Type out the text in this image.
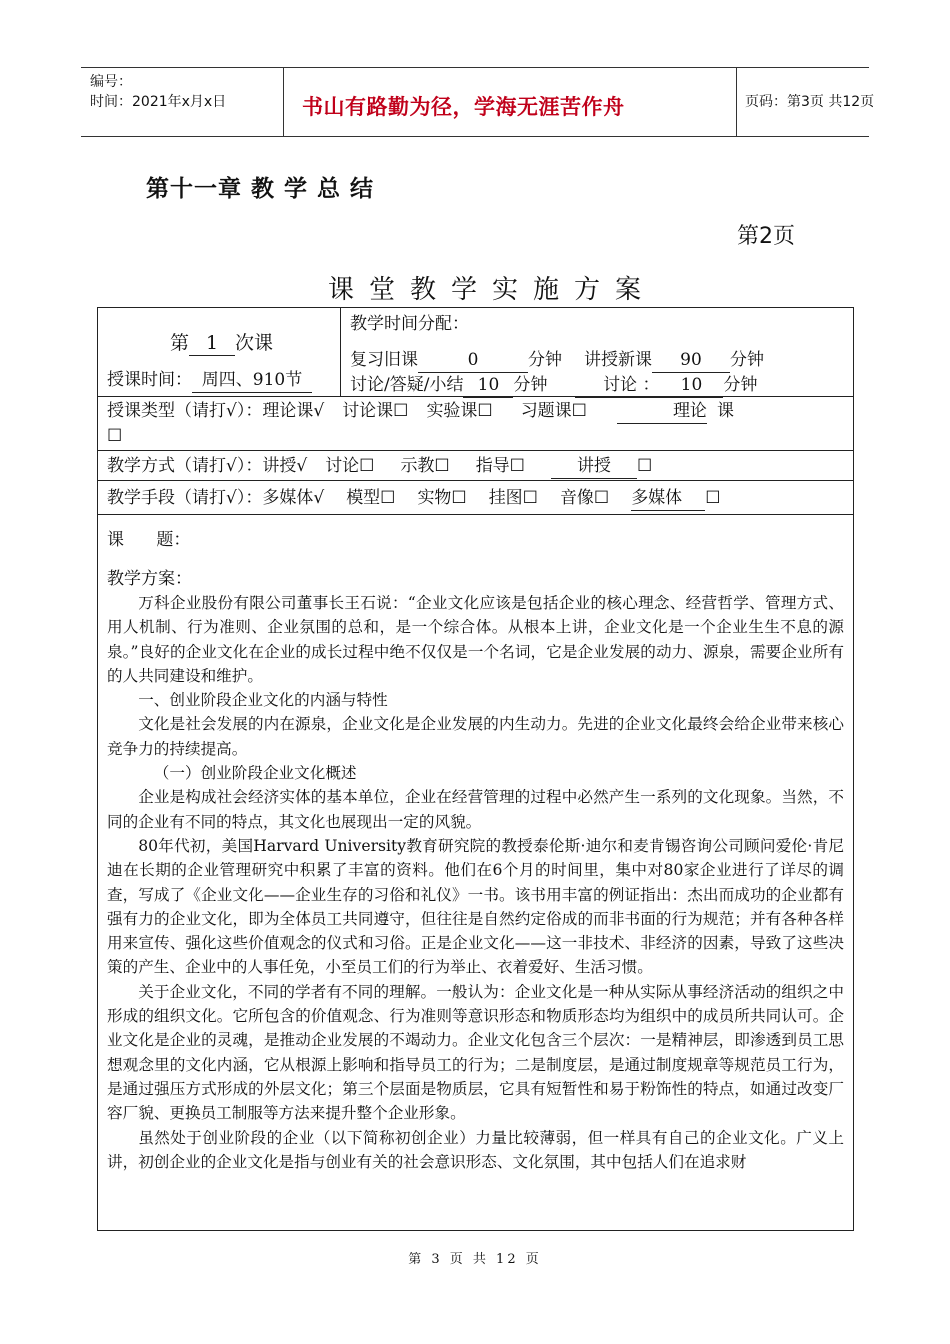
编号：
时间：2021年x月x日	书山有路勤为径，学海无涯苦作舟	页码：第3页 共12页
第十一章 教 学 总 结
第2页
课堂教学实施方案
第 1 次课
授课时间： 周四、910节
教学时间分配：
复习旧课	0	分钟 讲授新课 90 分钟
讨论/答疑/小结 10 分钟	讨论 ： 10 分钟
授课类型（请打√）：理论课√ 讨论课☐ 实验课☐ 习题课☐	理论 课
☐
教学方式（请打√）：讲授√ 讨论☐ 示教☐ 指导☐	讲授 ☐
教学手段（请打√）：多媒体√ 模型☐ 实物☐ 挂图☐ 音像☐ 多媒体 ☐
课      题：
教学方案：

万科企业股份有限公司董事长王石说：“企业文化应该是包括企业的核心理念、经营哲学、管理方式、用人机制、行为准则、企业氛围的总和，是一个综合体。从根本上讲，企业文化是一个企业生生不息的源泉。”良好的企业文化在企业的成长过程中绝不仅仅是一个名词，它是企业发展的动力、源泉，需要企业所有的人共同建设和维护。

一、创业阶段企业文化的内涵与特性

文化是社会发展的内在源泉，企业文化是企业发展的内生动力。先进的企业文化最终会给企业带来核心竞争力的持续提高。

（一）创业阶段企业文化概述

企业是构成社会经济实体的基本单位，企业在经营管理的过程中必然产生一系列的文化现象。当然，不同的企业有不同的特点，其文化也展现出一定的风貌。

80年代初，美国Harvard University教育研究院的教授泰伦斯·迪尔和麦肯锡咨询公司顾问爱伦·肯尼迪在长期的企业管理研究中积累了丰富的资料。他们在6个月的时间里，集中对80家企业进行了详尽的调查，写成了《企业文化——企业生存的习俗和礼仪》一书。该书用丰富的例证指出：杰出而成功的企业都有强有力的企业文化，即为全体员工共同遵守，但往往是自然约定俗成的而非书面的行为规范；并有各种各样用来宣传、强化这些价值观念的仪式和习俗。正是企业文化——这一非技术、非经济的因素，导致了这些决策的产生、企业中的人事任免，小至员工们的行为举止、衣着爱好、生活习惯。

关于企业文化，不同的学者有不同的理解。一般认为：企业文化是一种从实际从事经济活动的组织之中形成的组织文化。它所包含的价值观念、行为准则等意识形态和物质形态均为组织中的成员所共同认可。企业文化是企业的灵魂，是推动企业发展的不竭动力。企业文化包含三个层次：一是精神层，即渗透到员工思想观念里的文化内涵，它从根源上影响和指导员工的行为；二是制度层，是通过制度规章等规范员工行为，是通过强压方式形成的外层文化；第三个层面是物质层，它具有短暂性和易于粉饰性的特点，如通过改变厂容厂貌、更换员工制服等方法来提升整个企业形象。

虽然处于创业阶段的企业（以下简称初创企业）力量比较薄弱，但一样具有自己的企业文化。广义上讲，初创企业的企业文化是指与创业有关的社会意识形态、文化氛围，其中包括人们在追求财

第 3 页 共 12 页
